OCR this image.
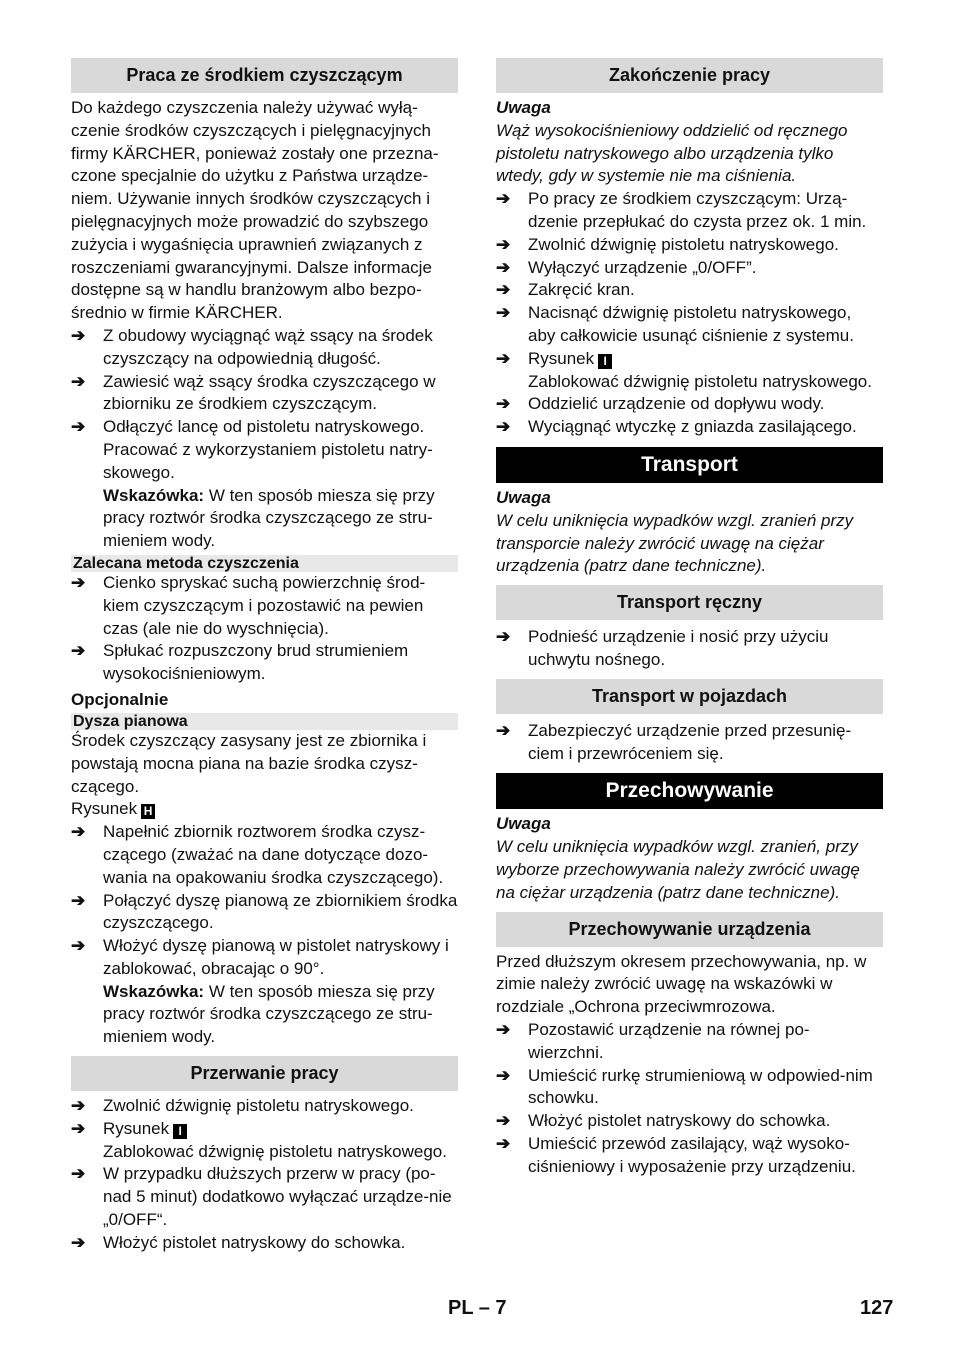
Praca ze środkiem czyszczącym

Do każdego czyszczenia należy używać wyłą-czenie środków czyszczących i pielęgnacyjnych firmy KÄRCHER, ponieważ zostały one przezna-czone specjalnie do użytku z Państwa urządze-niem. Używanie innych środków czyszczących i pielęgnacyjnych może prowadzić do szybszego zużycia i wygaśnięcia uprawnień związanych z roszczeniami gwarancyjnymi. Dalsze informacje dostępne są w handlu branżowym albo bezpo-średnio w firmie KÄRCHER.

➔ Z obudowy wyciągnąć wąż ssący na środek czyszczący na odpowiednią długość.
➔ Zawiesić wąż ssący środka czyszczącego w zbiorniku ze środkiem czyszczącym.
➔ Odłączyć lancę od pistoletu natryskowego. Pracować z wykorzystaniem pistoletu natry-skowego.
Wskazówka: W ten sposób miesza się przy pracy roztwór środka czyszczącego ze stru-mieniem wody.
Zalecana metoda czyszczenia
➔ Cienko spryskać suchą powierzchnię środ-kiem czyszczącym i pozostawić na pewien czas (ale nie do wyschnięcia).
➔ Spłukać rozpuszczony brud strumieniem wysokociśnieniowym.
Opcjonalnie
Dysza pianowa

Środek czyszczący zasysany jest ze zbiornika i powstają mocna piana na bazie środka czysz-czącego.

Rysunek H

➔ Napełnić zbiornik roztworem środka czysz-czącego (zważać na dane dotyczące dozo-wania na opakowaniu środka czyszczącego).
➔ Połączyć dyszę pianową ze zbiornikiem środka czyszczącego.
➔ Włożyć dyszę pianową w pistolet natryskowy i zablokować, obracając o 90°.
Wskazówka: W ten sposób miesza się przy pracy roztwór środka czyszczącego ze stru-mieniem wody.
Przerwanie pracy
➔ Zwolnić dźwignię pistoletu natryskowego.
➔ Rysunek I
Zablokować dźwignię pistoletu natryskowego.
➔ W przypadku dłuższych przerw w pracy (po-nad 5 minut) dodatkowo wyłączać urządze-nie „0/OFF“.
➔ Włożyć pistolet natryskowy do schowka.
Zakończenie pracy

Uwaga

Wąż wysokociśnieniowy oddzielić od ręcznego pistoletu natryskowego albo urządzenia tylko wtedy, gdy w systemie nie ma ciśnienia.

➔ Po pracy ze środkiem czyszczącym: Urzą-dzenie przepłukać do czysta przez ok. 1 min.
➔ Zwolnić dźwignię pistoletu natryskowego.
➔ Wyłączyć urządzenie „0/OFF”.
➔ Zakręcić kran.
➔ Nacisnąć dźwignię pistoletu natryskowego, aby całkowicie usunąć ciśnienie z systemu.
➔ Rysunek I
Zablokować dźwignię pistoletu natryskowego.
➔ Oddzielić urządzenie od dopływu wody.
➔ Wyciągnąć wtyczkę z gniazda zasilającego.
Transport

Uwaga

W celu uniknięcia wypadków wzgl. zranień przy transporcie należy zwrócić uwagę na ciężar urządzenia (patrz dane techniczne).

Transport ręczny
➔ Podnieść urządzenie i nosić przy użyciu uchwytu nośnego.
Transport w pojazdach
➔ Zabezpieczyć urządzenie przed przesunię-ciem i przewróceniem się.
Przechowywanie

Uwaga

W celu uniknięcia wypadków wzgl. zranień, przy wyborze przechowywania należy zwrócić uwagę na ciężar urządzenia (patrz dane techniczne).

Przechowywanie urządzenia

Przed dłuższym okresem przechowywania, np. w zimie należy zwrócić uwagę na wskazówki w rozdziale „Ochrona przeciwmrozowa.

➔ Pozostawić urządzenie na równej po-wierzchni.
➔ Umieścić rurkę strumieniową w odpowied-nim schowku.
➔ Włożyć pistolet natryskowy do schowka.
➔ Umieścić przewód zasilający, wąż wysoko-ciśnieniowy i wyposażenie przy urządzeniu.
PL – 7	127
